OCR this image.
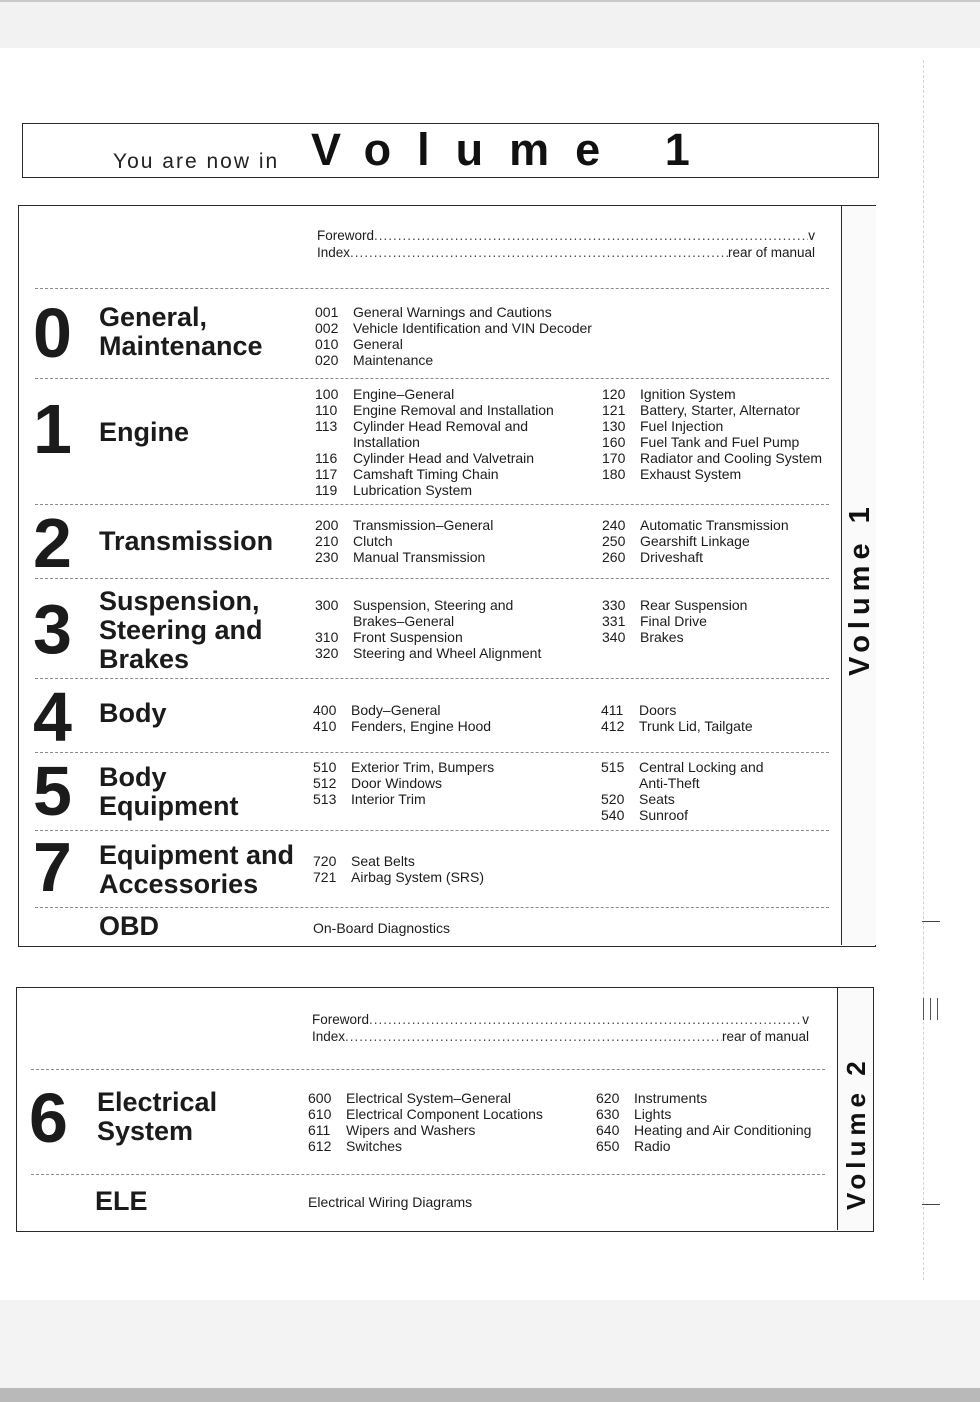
You are now in Volume 1
Volume 1
Foreword .....	v
Index .....	rear of manual
0 General,
Maintenance
001	General Warnings and Cautions
002	Vehicle Identification and VIN Decoder
010	General
020	Maintenance
1 Engine
100	Engine–General
110	Engine Removal and Installation
113	Cylinder Head Removal and
Installation
116	Cylinder Head and Valvetrain
117	Camshaft Timing Chain
119	Lubrication System
120	Ignition System
121	Battery, Starter, Alternator
130	Fuel Injection
160	Fuel Tank and Fuel Pump
170	Radiator and Cooling System
180	Exhaust System
2 Transmission
200	Transmission–General
210	Clutch
230	Manual Transmission
240	Automatic Transmission
250	Gearshift Linkage
260	Driveshaft
3 Suspension,
Steering and
Brakes
300	Suspension, Steering and
Brakes–General
310	Front Suspension
320	Steering and Wheel Alignment
330	Rear Suspension
331	Final Drive
340	Brakes
4 Body	400	Body–General
410	Fenders, Engine Hood
411	Doors
412	Trunk Lid, Tailgate
5 Body
Equipment
510	Exterior Trim, Bumpers
512	Door Windows
513	Interior Trim
515	Central Locking and
Anti-Theft
520	Seats
540	Sunroof
7 Equipment and
Accessories
720	Seat Belts
721	Airbag System (SRS)
OBD	On-Board Diagnostics
Volume 2
Foreword .....	v
Index .....	rear of manual
6 Electrical
System
600	Electrical System–General
610	Electrical Component Locations
611	Wipers and Washers
612	Switches
620	Instruments
630	Lights
640	Heating and Air Conditioning
650	Radio
ELE	Electrical Wiring Diagrams
